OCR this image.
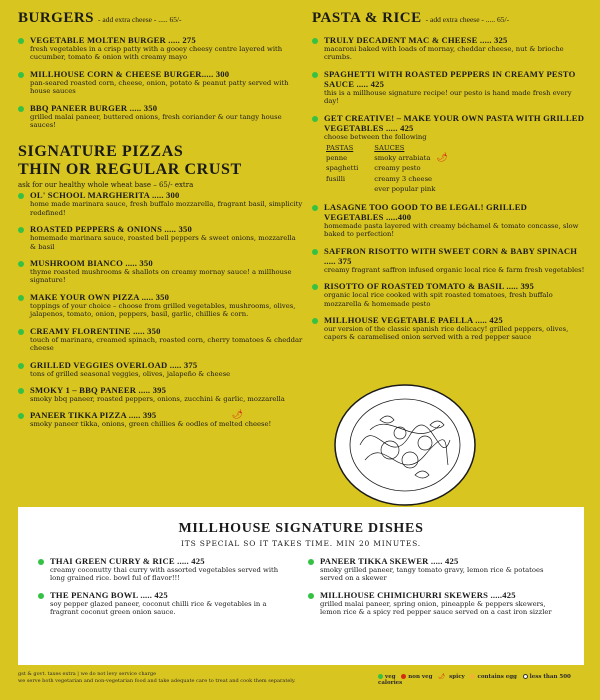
BURGERS - add extra cheese - ..... 65/-
VEGETABLE MOLTEN BURGER ..... 275
fresh vegetables in a crisp patty with a gooey cheesy centre layered with cucumber, tomato & onion with creamy mayo
MILLHOUSE CORN & CHEESE BURGER..... 300
pan-seared roasted corn, cheese, onion, potato & peanut patty served with house sauces
BBQ PANEER BURGER ..... 350
grilled malai paneer, buttered onions, fresh coriander & our tangy house sauces!
SIGNATURE PIZZAS
THIN OR REGULAR CRUST
ask for our healthy whole wheat base – 65/- extra
OL' SCHOOL MARGHERITA ..... 300
home made marinara sauce, fresh buffalo mozzarella, fragrant basil, simplicity redefined!
ROASTED PEPPERS & ONIONS ..... 350
homemade marinara sauce, roasted bell peppers & sweet onions, mozzarella & basil
MUSHROOM BIANCO ..... 350
thyme roasted mushrooms & shallots on creamy mornay sauce! a millhouse signature!
MAKE YOUR OWN PIZZA ..... 350
toppings of your choice – choose from grilled vegetables, mushrooms, olives, jalapenos, tomato, onion, peppers, basil, garlic, chillies & corn.
CREAMY FLORENTINE ..... 350
touch of marinara, creamed spinach, roasted corn, cherry tomatoes & cheddar cheese
GRILLED VEGGIES OVERLOAD ..... 375
tons of grilled seasonal veggies, olives, jalapeño & cheese
SMOKY 1 – BBQ PANEER ..... 395
smoky bbq paneer, roasted peppers, onions, zucchini & garlic, mozzarella
PANEER TIKKA PIZZA ..... 395	🌶
smoky paneer tikka, onions, green chillies & oodles of melted cheese!
PASTA & RICE - add extra cheese - ..... 65/-
TRULY DECADENT MAC & CHEESE ..... 325
macaroni baked with loads of mornay, cheddar cheese, nut & brioche crumbs.
SPAGHETTI WITH ROASTED PEPPERS IN CREAMY PESTO SAUCE ..... 425
this is a millhouse signature recipe! our pesto is hand made fresh every day!
GET CREATIVE! – MAKE YOUR OWN PASTA WITH GRILLED VEGETABLES ..... 425
choose between the following
PASTAS	SAUCES
penne	smoky arrabiata 🌶
spaghetti	creamy pesto
fusilli	creamy 3 cheese
	ever popular pink
LASAGNE TOO GOOD TO BE LEGAL! GRILLED VEGETABLES .....400
homemade pasta layered with creamy béchamel & tomato concasse, slow baked to perfection!
SAFFRON RISOTTO WITH SWEET CORN & BABY SPINACH ..... 375
creamy fragrant saffron infused organic local rice & farm fresh vegetables!
RISOTTO OF ROASTED TOMATO & BASIL ..... 395
organic local rice cooked with spit roasted tomatoes, fresh buffalo mozzarella & homemade pesto
MILLHOUSE VEGETABLE PAELLA ..... 425
our version of the classic spanish rice delicacy! grilled peppers, olives, capers & caramelised onion served with a red pepper sauce
MILLHOUSE SIGNATURE DISHES
ITS SPECIAL SO IT TAKES TIME. MIN 20 MINUTES.
THAI GREEN CURRY & RICE ..... 425
creamy coconutty thai curry with assorted vegetables served with long grained rice. bowl ful of flavor!!!
THE PENANG BOWL ..... 425
soy pepper glazed paneer, coconut chilli rice & vegetables in a fragrant coconut green onion sauce.
PANEER TIKKA SKEWER ..... 425
smoky grilled paneer, tangy tomato gravy, lemon rice & potatoes served on a skewer
MILLHOUSE CHIMICHURRI SKEWERS .....425
grilled malai paneer, spring onion, pineapple & peppers skewers, lemon rice & a spicy red pepper sauce served on a cast iron sizzler
gst & govt. taxes extra | we do not levy service charge
we serve both vegetarian and non-vegetarian food and take adequate care to treat and cook them separately.
veg non veg 🌶 spicy contains egg less than 500 calories
